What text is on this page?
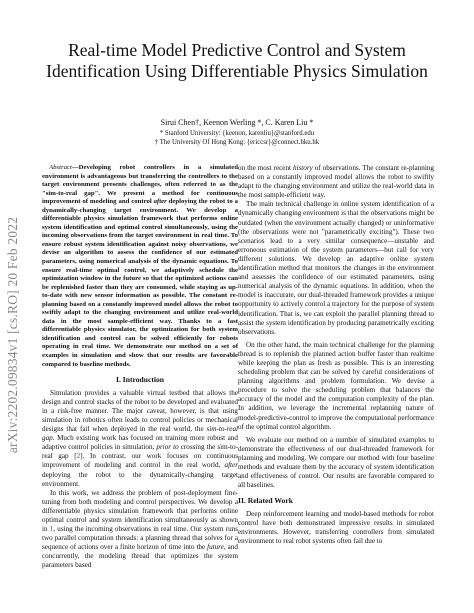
arXiv:2202.09834v1 [cs.RO] 20 Feb 2022
Real-time Model Predictive Control and System Identification Using Differentiable Physics Simulation
Sirui Chen†, Keenon Werling *, C. Karen Liu *
* Stanford University: {keenon, karenliu}@stanford.edu
† The University Of Hong Kong: {ericcsr}@connect.hku.hk

Abstract—Developing robot controllers in a simulated environment is advantageous but transferring the controllers to the target environment presents challenges, often referred to as the "sim-to-real gap". We present a method for continuous improvement of modeling and control after deploying the robot to a dynamically-changing target environment. We develop a differentiable physics simulation framework that performs online system identification and optimal control simultaneously, using the incoming observations from the target environment in real time. To ensure robust system identification against noisy observations, we devise an algorithm to assess the confidence of our estimated parameters, using numerical analysis of the dynamic equations. To ensure real-time optimal control, we adaptively schedule the optimization window in the future so that the optimized actions can be replenished faster than they are consumed, while staying as up-to-date with new sensor information as possible. The constant re-planning based on a constantly improved model allows the robot to swiftly adapt to the changing environment and utilize real-world data in the most sample-efficient way. Thanks to a fast differentiable physics simulator, the optimization for both system identification and control can be solved efficiently for robots operating in real time. We demonstrate our method on a set of examples in simulation and show that our results are favorable compared to baseline methods.

I. Introduction

Simulation provides a valuable virtual testbed that allows the design and control stacks of the robot to be developed and evaluated in a risk-free manner. The major caveat, however, is that using simulation in robotics often leads to control policies or mechanical designs that fail when deployed in the real world, the sim-to-real gap. Much existing work has focused on training more robust and adaptive control policies in simulation, prior to crossing the sim-to-real gap [2]. In contrast, our work focuses on continuous improvement of modeling and control in the real world, after deploying the robot to the dynamically-changing target environment.

In this work, we address the problem of post-deployment fine-tuning from both modeling and control perspectives. We develop a differentiable physics simulation framework that performs online optimal control and system identification simultaneously as shown in 1, using the incoming observations in real time. Our system runs two parallel computation threads: a planning thread that solves for a sequence of actions over a finite horizon of time into the future, and concurrently, the modeling thread that optimizes the system parameters based

on the most recent history of observations. The constant re-planning based on a constantly improved model allows the robot to swiftly adapt to the changing environment and utilize the real-world data in the most sample-efficient way.

The main technical challenge in online system identification of a dynamically changing environment is that the observations might be outdated (when the environment actually changed) or uninformative (the observations were not "parametrically exciting"). These two scenarios lead to a very similar consequence—unstable and erroneous estimation of the system parameters—but call for very different solutions. We develop an adaptive online system identification method that monitors the changes in the environment and assesses the confidence of our estimated parameters, using numerical analysis of the dynamic equations. In addition, when the model is inaccurate, our dual-threaded framework provides a unique opportunity to actively control a trajectory for the purpose of system identification. That is, we can exploit the parallel planning thread to assist the system identification by producing parametrically exciting observations.

On the other hand, the main technical challenge for the planning thread is to replenish the planned action buffer faster than realtime while keeping the plan as fresh as possible. This is an interesting scheduling problem that can be solved by careful considerations of planning algorithms and problem formulation. We devise a procedure to solve the scheduling problem that balances the accuracy of the model and the computation complexity of the plan. In addition, we leverage the incremental replanning nature of model-predictive-control to improve the computational performance of the optimal control algorithm.

We evaluate our method on a number of simulated examples to demonstrate the effectiveness of our dual-threaded framework for planning and modeling. We compare our method with four baseline methods and evaluate them by the accuracy of system identification and effectiveness of control. Our results are favorable compared to all baselines.

II. Related Work

Deep reinforcement learning and model-based methods for robot control have both demonstrated impressive results in simulated environments. However, transferring controllers from simulated environment to real robot systems often fail due to
